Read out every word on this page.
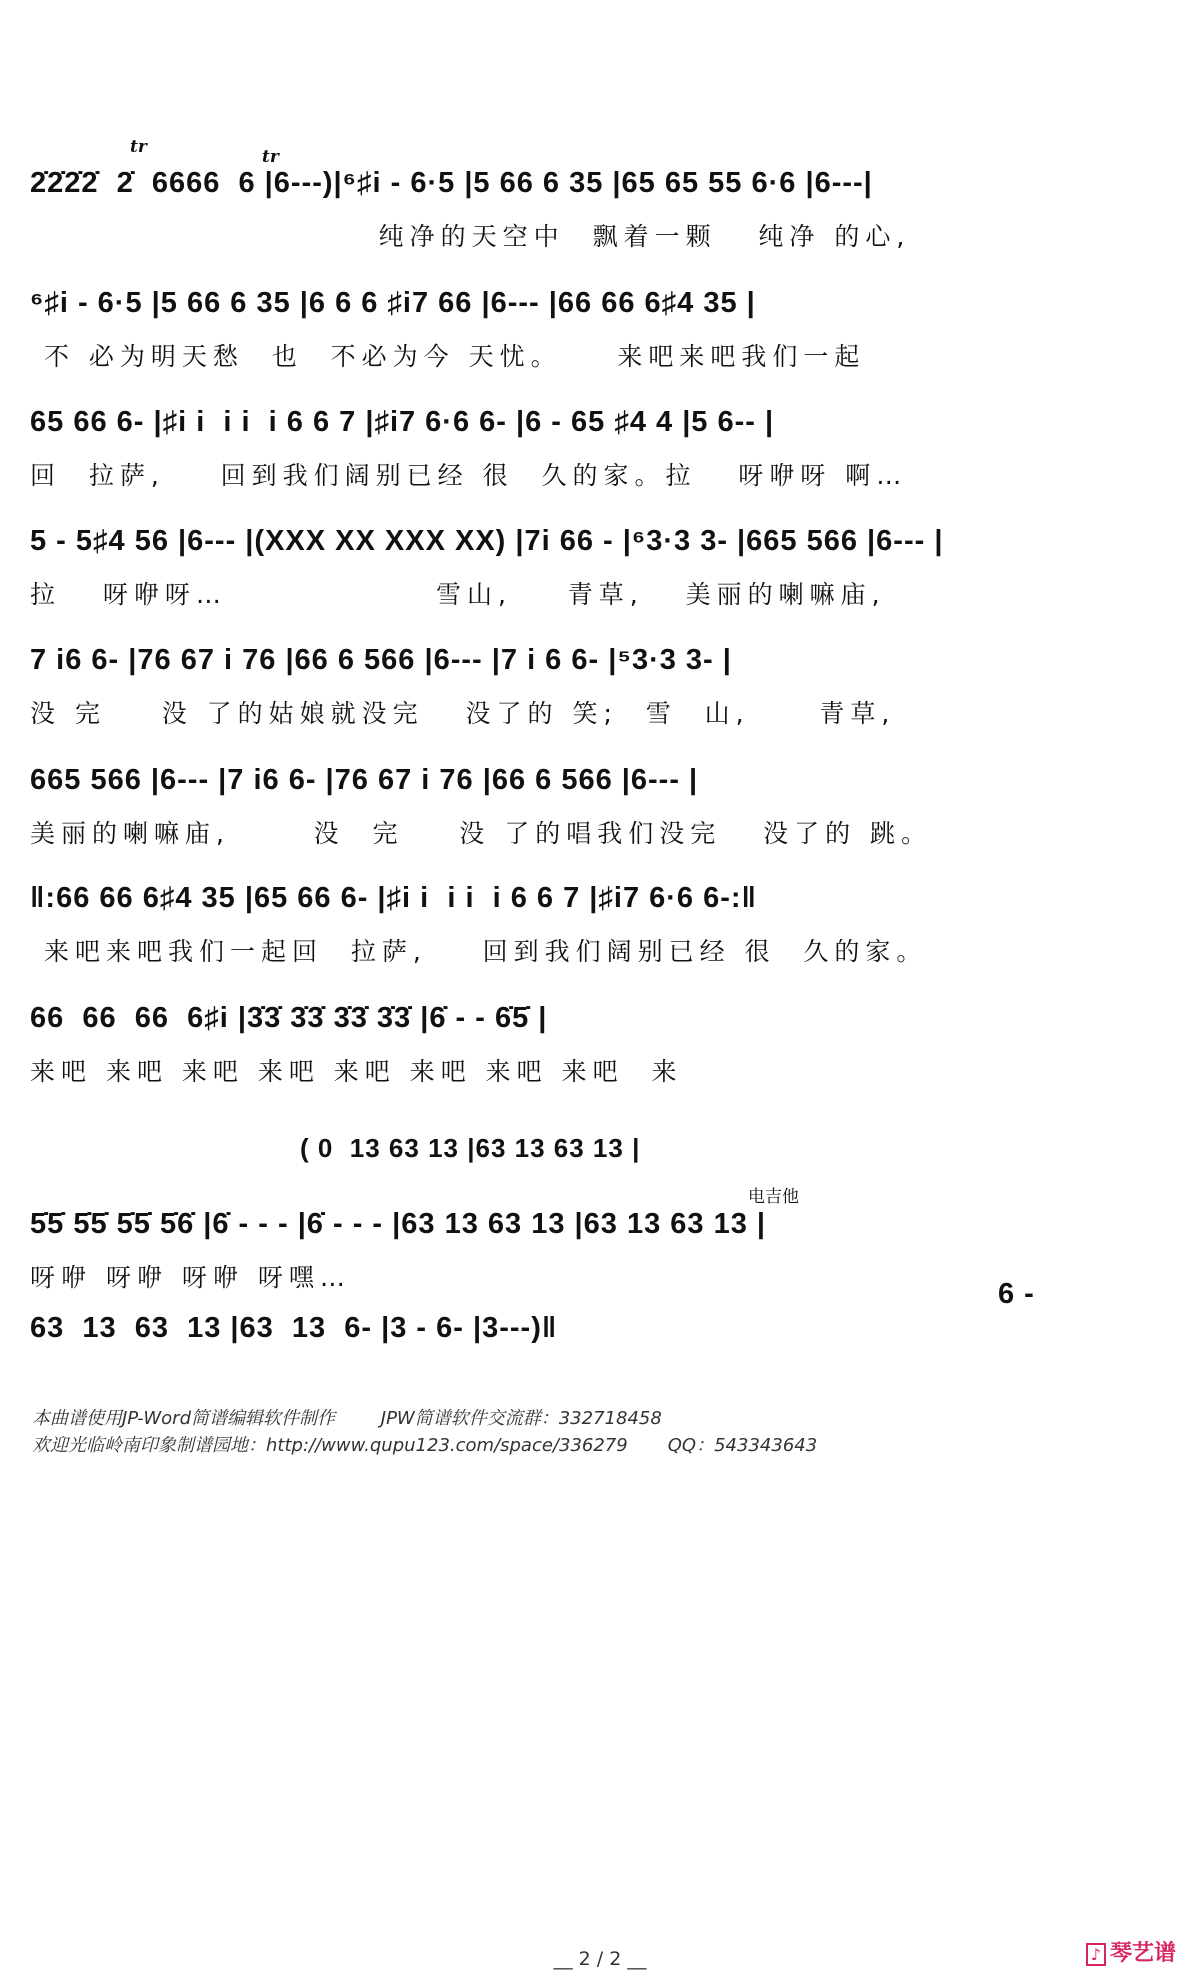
tr	tr
2̇2̇2̇2̇  2̇  6666  6 |6---)|⁶♯i - 6·5 |5 66 6 35 |65 65 55 6·6 |6---|
纯净的天空中  飘着一颗   纯净 的心,
⁶♯i - 6·5 |5 66 6 35 |6 6 6 ♯i7 66 |6--- |66 66 6♯4 35 |
不 必为明天愁  也  不必为今 天忧。    来吧来吧我们一起
65 66 6- |♯i i  i i  i 6 6 7 |♯i7 6·6 6- |6 - 65 ♯4 4 |5 6-- |
回  拉萨,    回到我们阔别已经 很  久的家。拉   呀咿呀 啊…
5 - 5♯4 56 |6--- |(XXX XX XXX XX) |7i 66 - |⁶3·3 3- |665 566 |6--- |
拉   呀咿呀…               雪山,    青草,   美丽的喇嘛庙,
7 i6 6- |76 67 i 76 |66 6 566 |6--- |7 i 6 6- |⁵3·3 3- |
没 完    没 了的姑娘就没完   没了的 笑;  雪  山,     青草,
665 566 |6--- |7 i6 6- |76 67 i 76 |66 6 566 |6--- |
美丽的喇嘛庙,      没  完    没 了的唱我们没完   没了的 跳。
‖:66 66 6♯4 35 |65 66 6- |♯i i  i i  i 6 6 7 |♯i7 6·6 6-:‖
来吧来吧我们一起回  拉萨,    回到我们阔别已经 很  久的家。
66  66  66  6♯i |3̇3̇ 3̇3̇ 3̇3̇ 3̇3̇ |6̇ - - 6̇5̇ |
来吧 来吧 来吧 来吧 来吧 来吧 来吧 来吧  来
( 0  13 63 13 |63 13 63 13 |
电吉他
5̇5̇ 5̇5̇ 5̇5̇ 5̇6̇ |6̇ - - - |6̇ - - - |63 13 63 13 |63 13 63 13 |
呀咿 呀咿 呀咿 呀嘿…
6 -
63  13  63  13 |63  13  6- |3 - 6- |3---)‖
本曲谱使用JP-Word简谱编辑软件制作        JPW简谱软件交流群：332718458
欢迎光临岭南印象制谱园地：http://www.qupu123.com/space/336279       QQ：543343643
__ 2 / 2 __	♪ 琴艺谱
